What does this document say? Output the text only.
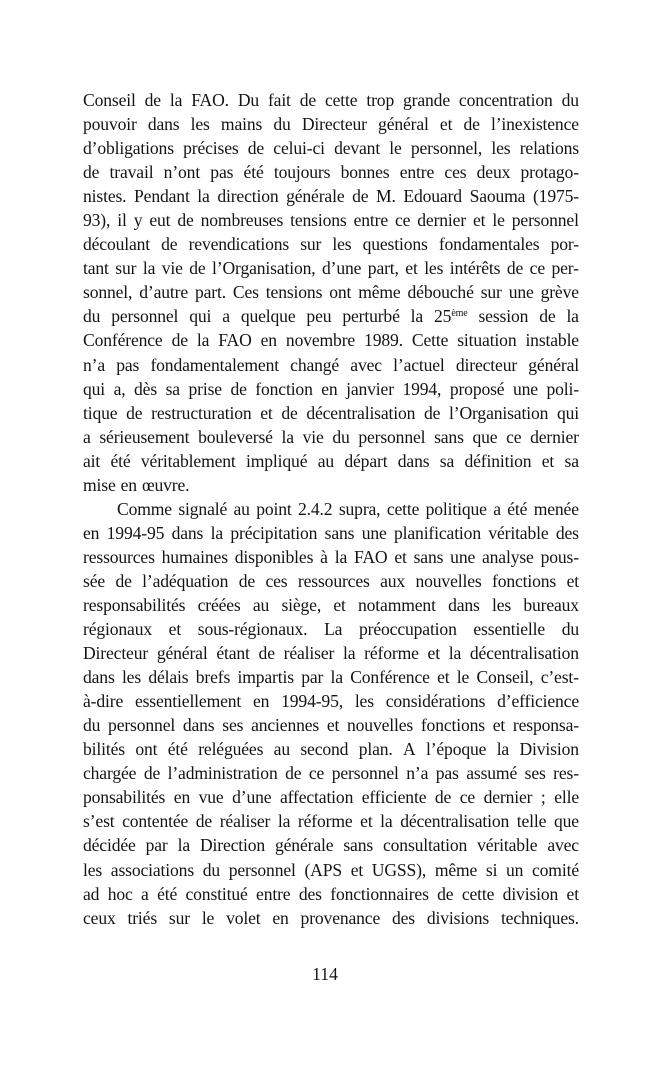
Conseil de la FAO. Du fait de cette trop grande concentration du
pouvoir dans les mains du Directeur général et de l’inexistence
d’obligations précises de celui-ci devant le personnel, les relations
de travail n’ont pas été toujours bonnes entre ces deux protago-
nistes. Pendant la direction générale de M. Edouard Saouma (1975-
93), il y eut de nombreuses tensions entre ce dernier et le personnel
découlant de revendications sur les questions fondamentales por-
tant sur la vie de l’Organisation, d’une part, et les intérêts de ce per-
sonnel, d’autre part. Ces tensions ont même débouché sur une grève
du personnel qui a quelque peu perturbé la 25ème session de la
Conférence de la FAO en novembre 1989. Cette situation instable
n’a pas fondamentalement changé avec l’actuel directeur général
qui a, dès sa prise de fonction en janvier 1994, proposé une poli-
tique de restructuration et de décentralisation de l’Organisation qui
a sérieusement bouleversé la vie du personnel sans que ce dernier
ait été véritablement impliqué au départ dans sa définition et sa
mise en œuvre.
Comme signalé au point 2.4.2 supra, cette politique a été menée
en 1994-95 dans la précipitation sans une planification véritable des
ressources humaines disponibles à la FAO et sans une analyse pous-
sée de l’adéquation de ces ressources aux nouvelles fonctions et
responsabilités créées au siège, et notamment dans les bureaux
régionaux et sous-régionaux. La préoccupation essentielle du
Directeur général étant de réaliser la réforme et la décentralisation
dans les délais brefs impartis par la Conférence et le Conseil, c’est-
à-dire essentiellement en 1994-95, les considérations d’efficience
du personnel dans ses anciennes et nouvelles fonctions et responsa-
bilités ont été reléguées au second plan. A l’époque la Division
chargée de l’administration de ce personnel n’a pas assumé ses res-
ponsabilités en vue d’une affectation efficiente de ce dernier ; elle
s’est contentée de réaliser la réforme et la décentralisation telle que
décidée par la Direction générale sans consultation véritable avec
les associations du personnel (APS et UGSS), même si un comité
ad hoc a été constitué entre des fonctionnaires de cette division et
ceux triés sur le volet en provenance des divisions techniques.
114
